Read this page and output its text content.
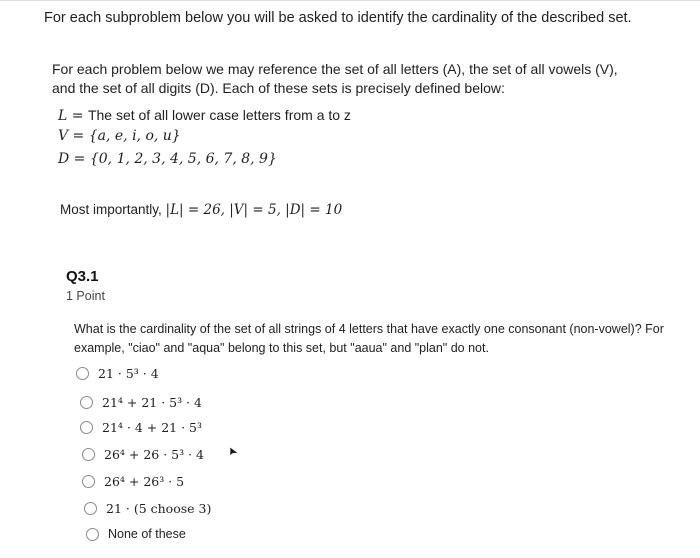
For each subproblem below you will be asked to identify the cardinality of the described set.
For each problem below we may reference the set of all letters (A), the set of all vowels (V),
and the set of all digits (D). Each of these sets is precisely defined below:
L = The set of all lower case letters from a to z
V = {a, e, i, o, u}
D = {0, 1, 2, 3, 4, 5, 6, 7, 8, 9}
Most importantly, |L| = 26, |V| = 5, |D| = 10
Q3.1
1 Point
What is the cardinality of the set of all strings of 4 letters that have exactly one consonant (non-vowel)? For example, "ciao" and "aqua" belong to this set, but "aaua" and "plan" do not.
21 · 5³ · 4
21⁴ + 21 · 5³ · 4
21⁴ · 4 + 21 · 5³
26⁴ + 26 · 5³ · 4
26⁴ + 26³ · 5
21 · (5 choose 3)
None of these
